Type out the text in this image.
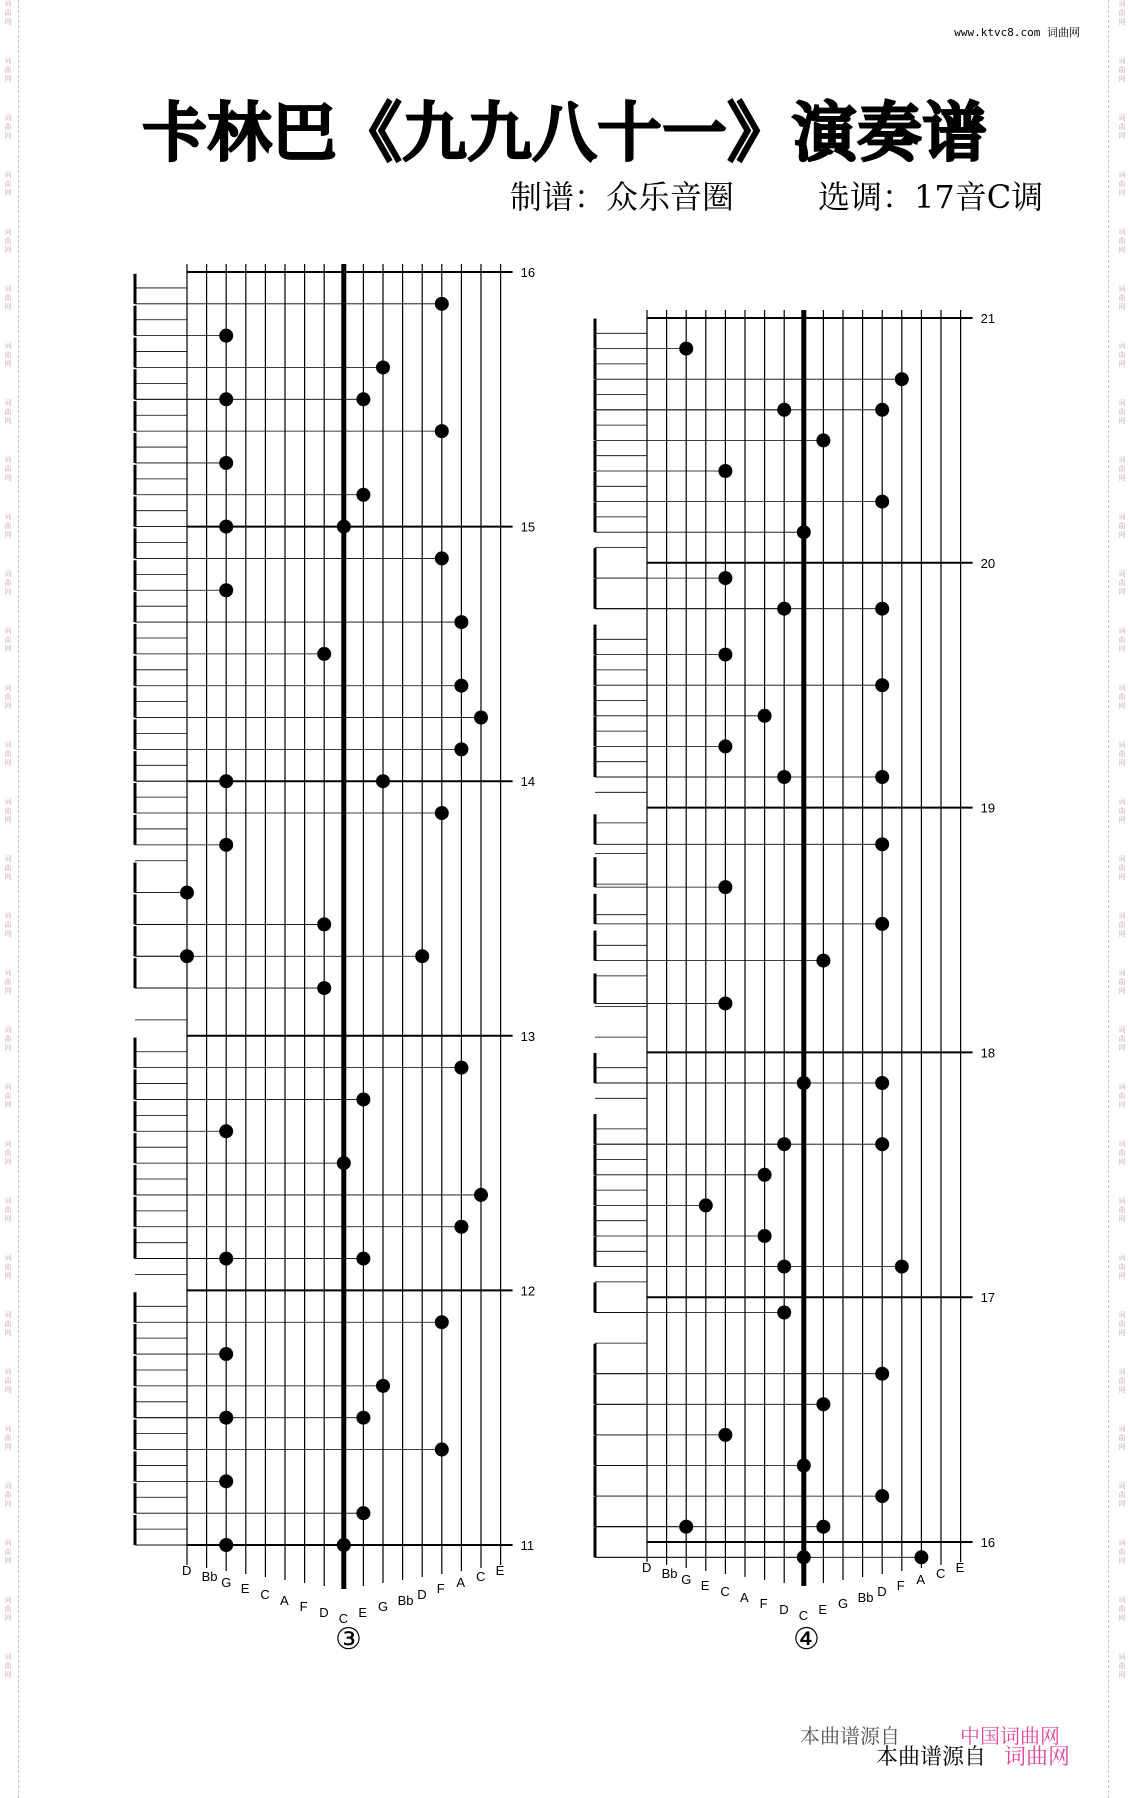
词
曲
网
词
曲
网
词
曲
网
词
曲
网
词
曲
网
词
曲
网
词
曲
网
词
曲
网
词
曲
网
词
曲
网
词
曲
网
词
曲
网
词
曲
网
词
曲
网
词
曲
网
词
曲
网
词
曲
网
词
曲
网
词
曲
网
词
曲
网
词
曲
网
词
曲
网
词
曲
网
词
曲
网
词
曲
网
词
曲
网
词
曲
网
词
曲
网
词
曲
网
词
曲
网
词
曲
网
词
曲
网
词
曲
网
词
曲
网
词
曲
网
词
曲
网
词
曲
网
词
曲
网
词
曲
网
词
曲
网
词
曲
网
词
曲
网
词
曲
网
词
曲
网
词
曲
网
词
曲
网
词
曲
网
词
曲
网
词
曲
网
词
曲
网
词
曲
网
词
曲
网
词
曲
网
词
曲
网
词
曲
网
词
曲
网
词
曲
网
词
曲
网
词
曲
网
词
曲
网
www.ktvc8.com 词曲网
卡林巴《九九八十一》演奏谱
制谱：众乐音圈	选调：17音C调
D Bb G E C A F D C E G Bb D F A C E
16
15
14
13
12
11
D Bb G E C A F D C E G Bb D F A C E
21
20
19
18
17
16
③	④
本曲谱源自	中国词曲网
本曲谱源自 词曲网
